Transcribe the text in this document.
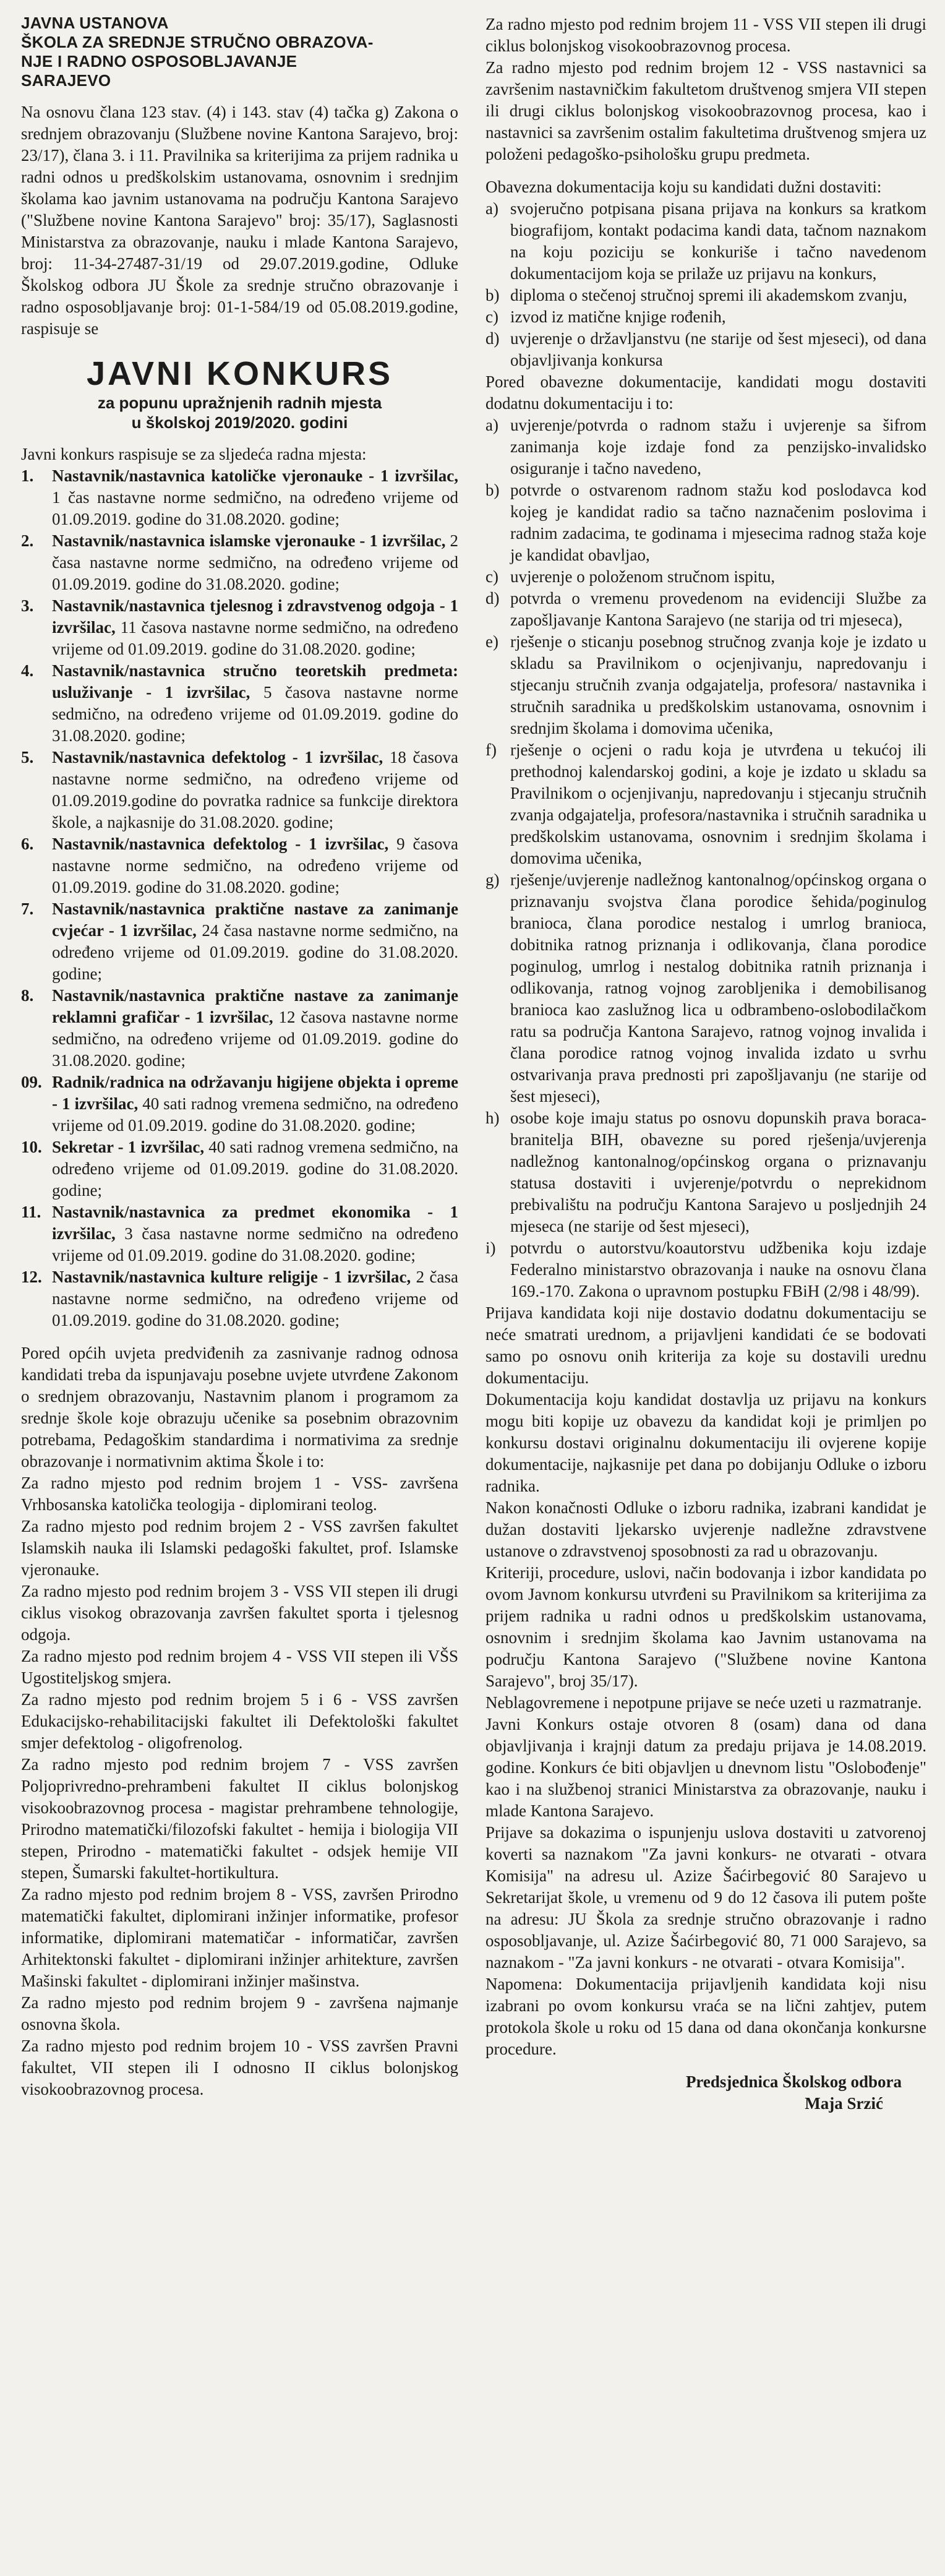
JAVNA USTANOVA
ŠKOLA ZA SREDNJE STRUČNO OBRAZOVA-
NJE I RADNO OSPOSOBLJAVANJE
SARAJEVO

Na osnovu člana 123 stav. (4) i 143. stav (4) tačka g) Zakona o srednjem obrazovanju (Službene novine Kantona Sarajevo, broj: 23/17), člana 3. i 11. Pravilnika sa kriterijima za prijem radnika u radni odnos u predškolskim ustanovama, osnovnim i srednjim školama kao javnim ustanovama na području Kantona Sarajevo ("Službene novine Kantona Sarajevo" broj: 35/17), Saglasnosti Ministarstva za obrazovanje, nauku i mlade Kantona Sarajevo, broj: 11-34-27487-31/19 od 29.07.2019.godine, Odluke Školskog odbora JU Škole za srednje stručno obrazovanje i radno osposobljavanje broj: 01-1-584/19 od 05.08.2019.godine, raspisuje se

JAVNI KONKURS
za popunu upražnjenih radnih mjesta
u školskoj 2019/2020. godini

Javni konkurs raspisuje se za sljedeća radna mjesta:

1.	Nastavnik/nastavnica katoličke vjeronauke - 1 izvršilac, 1 čas nastavne norme sedmično, na određeno vrijeme od 01.09.2019. godine do 31.08.2020. godine;
2.	Nastavnik/nastavnica islamske vjeronauke - 1 izvršilac, 2 časa nastavne norme sedmično, na određeno vrijeme od 01.09.2019. godine do 31.08.2020. godine;
3.	Nastavnik/nastavnica tjelesnog i zdravstvenog odgoja - 1 izvršilac, 11 časova nastavne norme sedmično, na određeno vrijeme od 01.09.2019. godine do 31.08.2020. godine;
4.	Nastavnik/nastavnica stručno teoretskih predmeta: usluživanje - 1 izvršilac, 5 časova nastavne norme sedmično, na određeno vrijeme od 01.09.2019. godine do 31.08.2020. godine;
5.	Nastavnik/nastavnica defektolog - 1 izvršilac, 18 časova nastavne norme sedmično, na određeno vrijeme od 01.09.2019.godine do povratka radnice sa funkcije direktora škole, a najkasnije do 31.08.2020. godine;
6.	Nastavnik/nastavnica defektolog - 1 izvršilac, 9 časova nastavne norme sedmično, na određeno vrijeme od 01.09.2019. godine do 31.08.2020. godine;
7.	Nastavnik/nastavnica praktične nastave za zanimanje cvjećar - 1 izvršilac, 24 časa nastavne norme sedmično, na određeno vrijeme od 01.09.2019. godine do 31.08.2020. godine;
8.	Nastavnik/nastavnica praktične nastave za zanimanje reklamni grafičar - 1 izvršilac, 12 časova nastavne norme sedmično, na određeno vrijeme od 01.09.2019. godine do 31.08.2020. godine;
09. Radnik/radnica na održavanju higijene objekta i opreme - 1 izvršilac, 40 sati radnog vremena sedmično, na određeno vrijeme od 01.09.2019. godine do 31.08.2020. godine;
10. Sekretar - 1 izvršilac, 40 sati radnog vremena sedmično, na određeno vrijeme od 01.09.2019. godine do 31.08.2020. godine;
11. Nastavnik/nastavnica za predmet ekonomika - 1 izvršilac, 3 časa nastavne norme sedmično na određeno vrijeme od 01.09.2019. godine do 31.08.2020. godine;
12. Nastavnik/nastavnica kulture religije - 1 izvršilac, 2 časa nastavne norme sedmično, na određeno vrijeme od 01.09.2019. godine do 31.08.2020. godine;

Pored općih uvjeta predviđenih za zasnivanje radnog odnosa kandidati treba da ispunjavaju posebne uvjete utvrđene Zakonom o srednjem obrazovanju, Nastavnim planom i programom za srednje škole koje obrazuju učenike sa posebnim obrazovnim potrebama, Pedagoškim standardima i normativima za srednje obrazovanje i normativnim aktima Škole i to:

Za radno mjesto pod rednim brojem 1 - VSS- završena Vrhbosanska katolička teologija - diplomirani teolog.

Za radno mjesto pod rednim brojem 2 - VSS završen fakultet Islamskih nauka ili Islamski pedagoški fakultet, prof. Islamske vjeronauke.

Za radno mjesto pod rednim brojem 3 - VSS VII stepen ili drugi ciklus visokog obrazovanja završen fakultet sporta i tjelesnog odgoja.

Za radno mjesto pod rednim brojem 4 - VSS VII stepen ili VŠS Ugostiteljskog smjera.

Za radno mjesto pod rednim brojem 5 i 6 - VSS završen Edukacijsko-rehabilitacijski fakultet ili Defektološki fakultet smjer defektolog - oligofrenolog.

Za radno mjesto pod rednim brojem 7 - VSS završen Poljoprivredno-prehrambeni fakultet II ciklus bolonjskog visokoobrazovnog procesa - magistar prehrambene tehnologije, Prirodno matematički/filozofski fakultet - hemija i biologija VII stepen, Prirodno - matematički fakultet - odsjek hemije VII stepen, Šumarski fakultet-hortikultura.

Za radno mjesto pod rednim brojem 8 - VSS, završen Prirodno matematički fakultet, diplomirani inžinjer informatike, profesor informatike, diplomirani matematičar - informatičar, završen Arhitektonski fakultet - diplomirani inžinjer arhitekture, završen Mašinski fakultet - diplomirani inžinjer mašinstva.

Za radno mjesto pod rednim brojem 9 - završena najmanje osnovna škola.

Za radno mjesto pod rednim brojem 10 - VSS završen Pravni fakultet, VII stepen ili I odnosno II ciklus bolonjskog visokoobrazovnog procesa.

Za radno mjesto pod rednim brojem 11 - VSS VII stepen ili drugi ciklus bolonjskog visokoobrazovnog procesa.

Za radno mjesto pod rednim brojem 12 - VSS nastavnici sa završenim nastavničkim fakultetom društvenog smjera VII stepen ili drugi ciklus bolonjskog visokoobrazovnog procesa, kao i nastavnici sa završenim ostalim fakultetima društvenog smjera uz položeni pedagoško-psihološku grupu predmeta.

Obavezna dokumentacija koju su kandidati dužni dostaviti:

a) svojeručno potpisana pisana prijava na konkurs sa kratkom biografijom, kontakt podacima kandi data, tačnom naznakom na koju poziciju se konkuriše i tačno navedenom dokumentacijom koja se prilaže uz prijavu na konkurs,
b) diploma o stečenoj stručnoj spremi ili akademskom zvanju,
c) izvod iz matične knjige rođenih,
d) uvjerenje o državljanstvu (ne starije od šest mjeseci), od dana objavljivanja konkursa

Pored obavezne dokumentacije, kandidati mogu dostaviti dodatnu dokumentaciju i to:

a) uvjerenje/potvrda o radnom stažu i uvjerenje sa šifrom zanimanja koje izdaje fond za penzijsko-invalidsko osiguranje i tačno navedeno,
b) potvrde o ostvarenom radnom stažu kod poslodavca kod kojeg je kandidat radio sa tačno naznačenim poslovima i radnim zadacima, te godinama i mjesecima radnog staža koje je kandidat obavljao,
c) uvjerenje o položenom stručnom ispitu,
d) potvrda o vremenu provedenom na evidenciji Službe za zapošljavanje Kantona Sarajevo (ne starija od tri mjeseca),
e) rješenje o sticanju posebnog stručnog zvanja koje je izdato u skladu sa Pravilnikom o ocjenjivanju, napredovanju i stjecanju stručnih zvanja odgajatelja, profesora/ nastavnika i stručnih saradnika u predškolskim ustanovama, osnovnim i srednjim školama i domovima učenika,
f) rješenje o ocjeni o radu koja je utvrđena u tekućoj ili prethodnoj kalendarskoj godini, a koje je izdato u skladu sa Pravilnikom o ocjenjivanju, napredovanju i stjecanju stručnih zvanja odgajatelja, profesora/nastavnika i stručnih saradnika u predškolskim ustanovama, osnovnim i srednjim školama i domovima učenika,
g) rješenje/uvjerenje nadležnog kantonalnog/općinskog organa o priznavanju svojstva člana porodice šehida/poginulog branioca, člana porodice nestalog i umrlog branioca, dobitnika ratnog priznanja i odlikovanja, člana porodice poginulog, umrlog i nestalog dobitnika ratnih priznanja i odlikovanja, ratnog vojnog zarobljenika i demobilisanog branioca kao zaslužnog lica u odbrambeno-oslobodilačkom ratu sa područja Kantona Sarajevo, ratnog vojnog invalida i člana porodice ratnog vojnog invalida izdato u svrhu ostvarivanja prava prednosti pri zapošljavanju (ne starije od šest mjeseci),
h) osobe koje imaju status po osnovu dopunskih prava boraca-branitelja BIH, obavezne su pored rješenja/uvjerenja nadležnog kantonalnog/općinskog organa o priznavanju statusa dostaviti i uvjerenje/potvrdu o neprekidnom prebivalištu na području Kantona Sarajevo u posljednjih 24 mjeseca (ne starije od šest mjeseci),
i) potvrdu o autorstvu/koautorstvu udžbenika koju izdaje Federalno ministarstvo obrazovanja i nauke na osnovu člana 169.-170. Zakona o upravnom postupku FBiH (2/98 i 48/99).

Prijava kandidata koji nije dostavio dodatnu dokumentaciju se neće smatrati urednom, a prijavljeni kandidati će se bodovati samo po osnovu onih kriterija za koje su dostavili urednu dokumentaciju.

Dokumentacija koju kandidat dostavlja uz prijavu na konkurs mogu biti kopije uz obavezu da kandidat koji je primljen po konkursu dostavi originalnu dokumentaciju ili ovjerene kopije dokumentacije, najkasnije pet dana po dobijanju Odluke o izboru radnika.

Nakon konačnosti Odluke o izboru radnika, izabrani kandidat je dužan dostaviti ljekarsko uvjerenje nadležne zdravstvene ustanove o zdravstvenoj sposobnosti za rad u obrazovanju.

Kriteriji, procedure, uslovi, način bodovanja i izbor kandidata po ovom Javnom konkursu utvrđeni su Pravilnikom sa kriterijima za prijem radnika u radni odnos u predškolskim ustanovama, osnovnim i srednjim školama kao Javnim ustanovama na području Kantona Sarajevo ("Službene novine Kantona Sarajevo", broj 35/17).

Neblagovremene i nepotpune prijave se neće uzeti u razmatranje.

Javni Konkurs ostaje otvoren 8 (osam) dana od dana objavljivanja i krajnji datum za predaju prijava je 14.08.2019. godine. Konkurs će biti objavljen u dnevnom listu "Oslobođenje" kao i na službenoj stranici Ministarstva za obrazovanje, nauku i mlade Kantona Sarajevo.

Prijave sa dokazima o ispunjenju uslova dostaviti u zatvorenoj koverti sa naznakom "Za javni konkurs- ne otvarati - otvara Komisija" na adresu ul. Azize Šaćirbegović 80 Sarajevo u Sekretarijat škole, u vremenu od 9 do 12 časova ili putem pošte na adresu: JU Škola za srednje stručno obrazovanje i radno osposobljavanje, ul. Azize Šaćirbegović 80, 71 000 Sarajevo, sa naznakom - "Za javni konkurs - ne otvarati - otvara Komisija".

Napomena: Dokumentacija prijavljenih kandidata koji nisu izabrani po ovom konkursu vraća se na lični zahtjev, putem protokola škole u roku od 15 dana od dana okončanja konkursne procedure.

Predsjednica Školskog odbora
Maja Srzić
